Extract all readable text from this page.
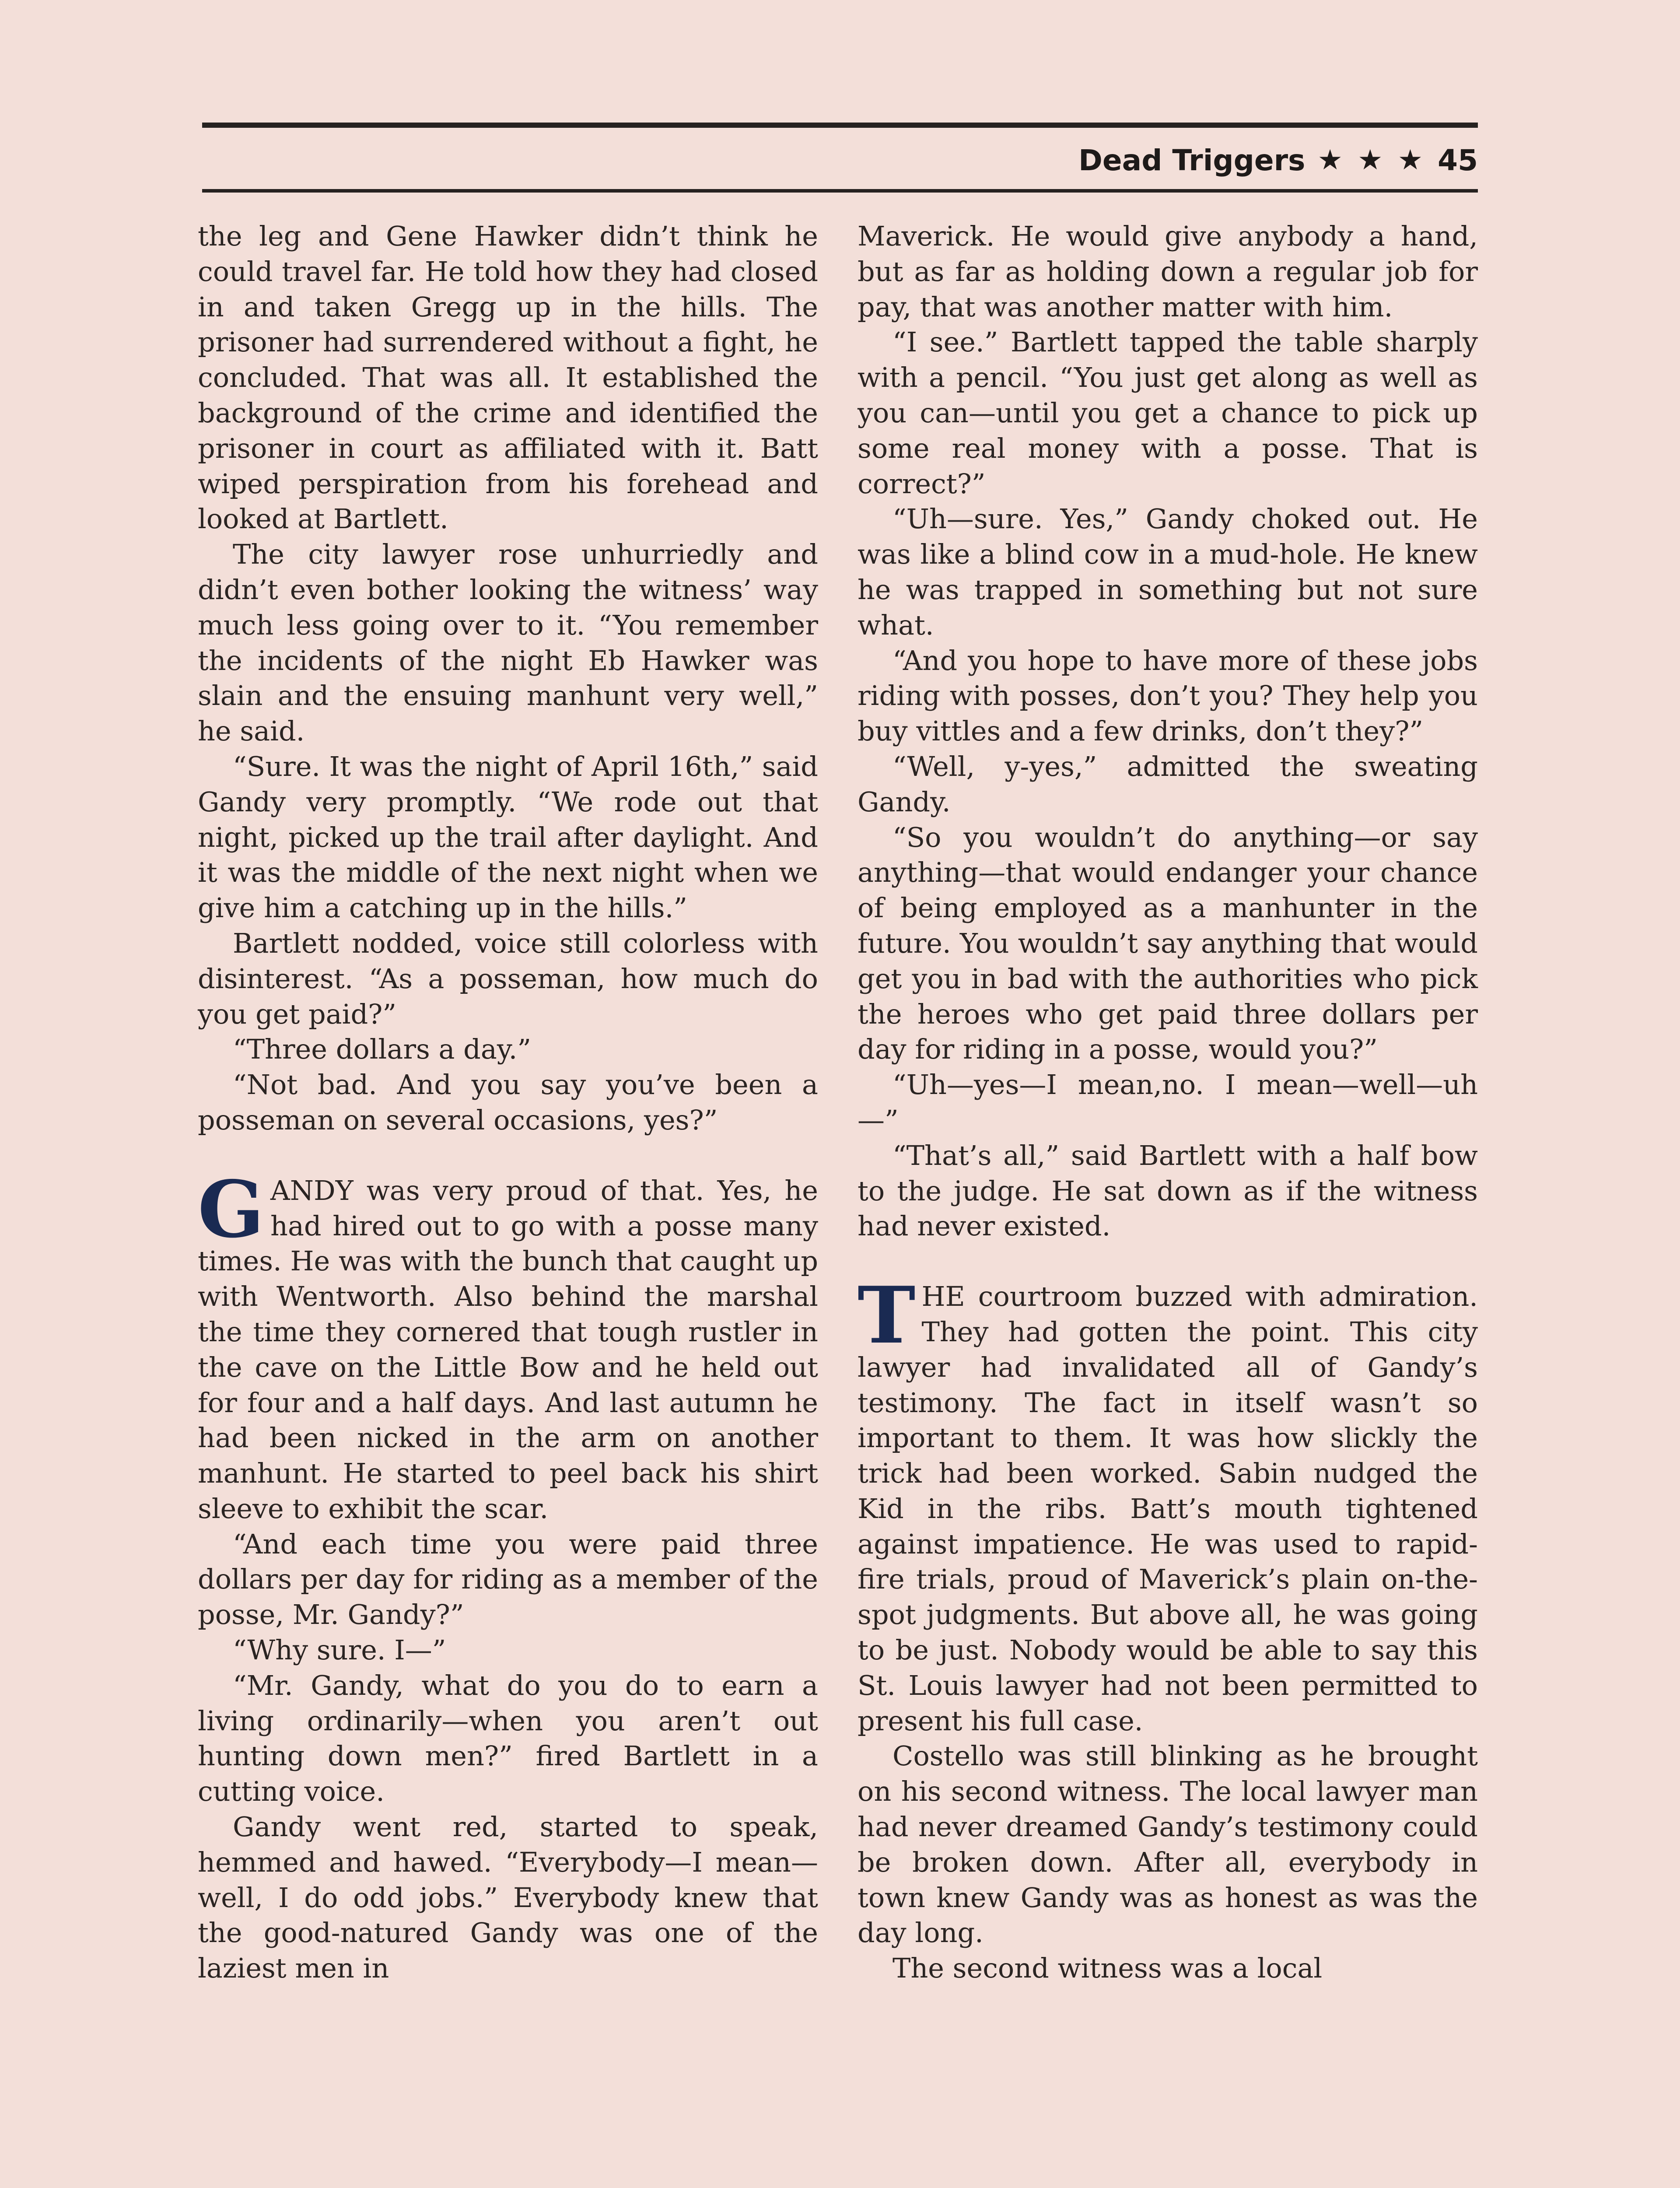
Dead Triggers ★ ★ ★ 45

the leg and Gene Hawker didn’t think he could travel far. He told how they had closed in and taken Gregg up in the hills. The prisoner had surrendered without a fight, he concluded. That was all. It established the background of the crime and identified the prisoner in court as affiliated with it. Batt wiped perspiration from his forehead and looked at Bartlett.

The city lawyer rose unhurriedly and didn’t even bother looking the witness’ way much less going over to it. “You remember the incidents of the night Eb Hawker was slain and the ensuing manhunt very well,” he said.

“Sure. It was the night of April 16th,” said Gandy very promptly. “We rode out that night, picked up the trail after daylight. And it was the middle of the next night when we give him a catching up in the hills.”

Bartlett nodded, voice still colorless with disinterest. “As a posseman, how much do you get paid?”

“Three dollars a day.”

“Not bad. And you say you’ve been a posseman on several occasions, yes?”

GANDY was very proud of that. Yes, he had hired out to go with a posse many times. He was with the bunch that caught up with Wentworth. Also behind the marshal the time they cornered that tough rustler in the cave on the Little Bow and he held out for four and a half days. And last autumn he had been nicked in the arm on another manhunt. He started to peel back his shirt sleeve to exhibit the scar.

“And each time you were paid three dollars per day for riding as a member of the posse, Mr. Gandy?”

“Why sure. I—”

“Mr. Gandy, what do you do to earn a living ordinarily—when you aren’t out hunting down men?” fired Bartlett in a cutting voice.

Gandy went red, started to speak, hemmed and hawed. “Everybody—I mean—well, I do odd jobs.” Everybody knew that the good-natured Gandy was one of the laziest men in

Maverick. He would give anybody a hand, but as far as holding down a regular job for pay, that was another matter with him.

“I see.” Bartlett tapped the table sharply with a pencil. “You just get along as well as you can—until you get a chance to pick up some real money with a posse. That is correct?”

“Uh—sure. Yes,” Gandy choked out. He was like a blind cow in a mud-hole. He knew he was trapped in something but not sure what.

“And you hope to have more of these jobs riding with posses, don’t you? They help you buy vittles and a few drinks, don’t they?”

“Well, y-yes,” admitted the sweating Gandy.

“So you wouldn’t do anything—or say anything—that would endanger your chance of being employed as a manhunter in the future. You wouldn’t say anything that would get you in bad with the authorities who pick the heroes who get paid three dollars per day for riding in a posse, would you?”

“Uh—yes—I mean,no. I mean—well—uh—”

“That’s all,” said Bartlett with a half bow to the judge. He sat down as if the witness had never existed.

THE courtroom buzzed with admiration. They had gotten the point. This city lawyer had invalidated all of Gandy’s testimony. The fact in itself wasn’t so important to them. It was how slickly the trick had been worked. Sabin nudged the Kid in the ribs. Batt’s mouth tightened against impatience. He was used to rapid-fire trials, proud of Maverick’s plain on-the-spot judgments. But above all, he was going to be just. Nobody would be able to say this St. Louis lawyer had not been permitted to present his full case.

Costello was still blinking as he brought on his second witness. The local lawyer man had never dreamed Gandy’s testimony could be broken down. After all, everybody in town knew Gandy was as honest as was the day long.

The second witness was a local
